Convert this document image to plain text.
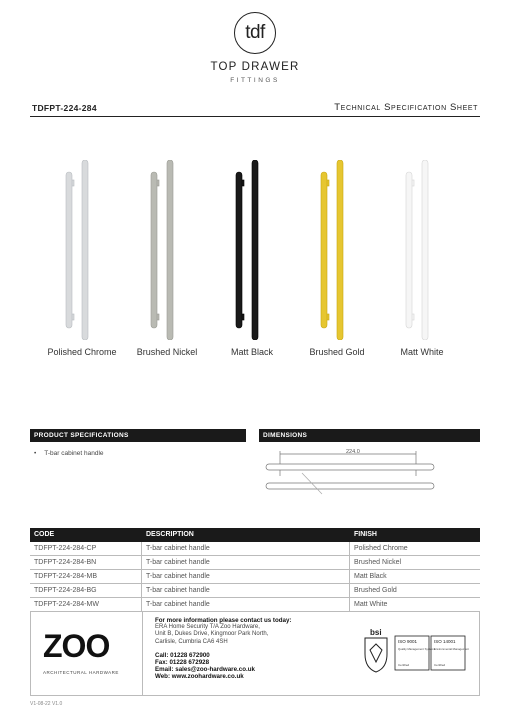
tdf
TOP DRAWER
FITTINGS
TDFPT-224-284	Technical Specification Sheet
Polished Chrome	Brushed Nickel	Matt Black	Brushed Gold	Matt White
PRODUCT SPECIFICATIONS
• T-bar cabinet handle
DIMENSIONS
224.0
CODE	DESCRIPTION	FINISH
TDFPT-224-284-CP	T-bar cabinet handle	Polished Chrome
TDFPT-224-284-BN	T-bar cabinet handle	Brushed Nickel
TDFPT-224-284-MB	T-bar cabinet handle	Matt Black
TDFPT-224-284-BG	T-bar cabinet handle	Brushed Gold
TDFPT-224-284-MW	T-bar cabinet handle	Matt White
ZOO
ARCHITECTURAL HARDWARE
For more information please contact us today:
ERA Home Security T/A Zoo Hardware,
Unit B, Dukes Drive, Kingmoor Park North,
Carlisle, Cumbria CA6 4SH
Call: 01228 672900
Fax: 01228 672928
Email: sales@zoo-hardware.co.uk
Web: www.zoohardware.co.uk
bsi
ISO 9001
Quality Management Systems
Certified
ISO 14001
Environmental Management
Certified
V1-08-22 V1.0
